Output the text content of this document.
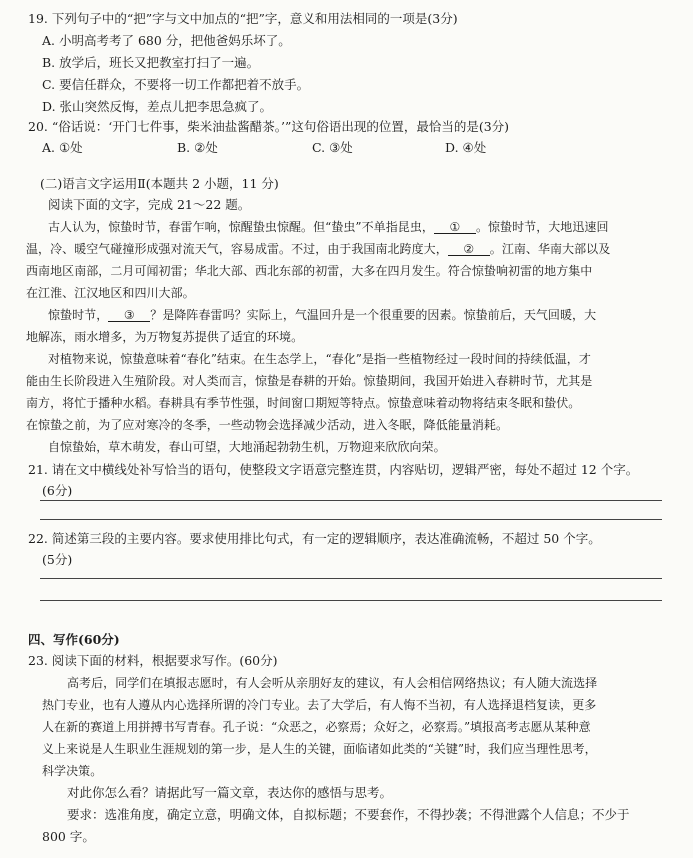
19. 下列句子中的“把”字与文中加点的“把”字，意义和用法相同的一项是(3分)
A. 小明高考考了 680 分，把他爸妈乐坏了。
B. 放学后，班长又把教室打扫了一遍。
C. 要信任群众，不要将一切工作都把着不放手。
D. 张山突然反悔，差点儿把李思急疯了。
20. “俗话说：‘开门七件事，柴米油盐酱醋茶。’”这句俗语出现的位置，最恰当的是(3分)
A. ①处	B. ②处	C. ③处	D. ④处
(二)语言文字运用Ⅱ(本题共 2 小题，11 分)
阅读下面的文字，完成 21～22 题。
古人认为，惊蛰时节，春雷乍响，惊醒蛰虫惊醒。但“蛰虫”不单指昆虫， ① 。惊蛰时节，大地迅速回
温，冷、暖空气碰撞形成强对流天气，容易成雷。不过，由于我国南北跨度大， ② 。江南、华南大部以及
西南地区南部，二月可闻初雷；华北大部、西北东部的初雷，大多在四月发生。符合惊蛰响初雷的地方集中
在江淮、江汉地区和四川大部。
惊蛰时节， ③ ？是降阵春雷吗？实际上，气温回升是一个很重要的因素。惊蛰前后，天气回暖，大
地解冻，雨水增多，为万物复苏提供了适宜的环境。
对植物来说，惊蛰意味着“春化”结束。在生态学上，“春化”是指一些植物经过一段时间的持续低温，才
能由生长阶段进入生殖阶段。对人类而言，惊蛰是春耕的开始。惊蛰期间，我国开始进入春耕时节，尤其是
南方，将忙于播种水稻。春耕具有季节性强，时间窗口期短等特点。惊蛰意味着动物将结束冬眠和蛰伏。
在惊蛰之前，为了应对寒冷的冬季，一些动物会选择减少活动，进入冬眠，降低能量消耗。
自惊蛰始，草木萌发，春山可望，大地涌起勃勃生机，万物迎来欣欣向荣。
21. 请在文中横线处补写恰当的语句，使整段文字语意完整连贯，内容贴切，逻辑严密，每处不超过 12 个字。
(6分)
22. 简述第三段的主要内容。要求使用排比句式，有一定的逻辑顺序，表达准确流畅，不超过 50 个字。
(5分)
四、写作(60分)
23. 阅读下面的材料，根据要求写作。(60分)
高考后，同学们在填报志愿时，有人会听从亲朋好友的建议，有人会相信网络热议；有人随大流选择
热门专业，也有人遵从内心选择所谓的冷门专业。去了大学后，有人悔不当初，有人选择退档复读，更多
人在新的赛道上用拼搏书写青春。孔子说：“众恶之，必察焉；众好之，必察焉。”填报高考志愿从某种意
义上来说是人生职业生涯规划的第一步，是人生的关键，面临诸如此类的“关键”时，我们应当理性思考，
科学决策。
对此你怎么看？请据此写一篇文章，表达你的感悟与思考。
要求：选准角度，确定立意，明确文体，自拟标题；不要套作，不得抄袭；不得泄露个人信息；不少于
800 字。
